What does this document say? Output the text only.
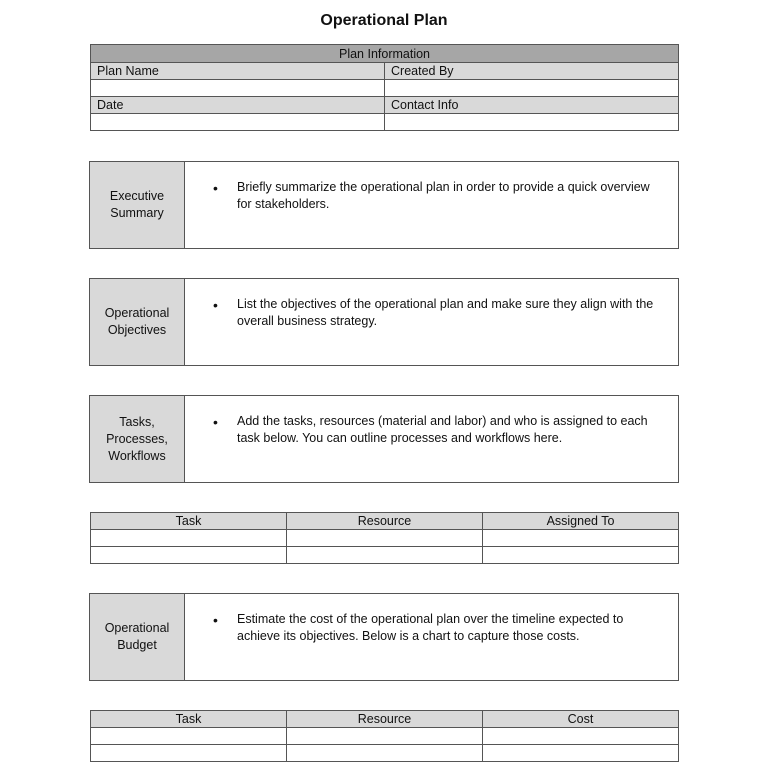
Operational Plan
Plan Information	
Plan Name	Created By

Date	Contact Info

Executive
Summary
• Briefly summarize the operational plan in order to provide a quick overview for stakeholders.
Operational
Objectives
• List the objectives of the operational plan and make sure they align with the overall business strategy.
Tasks,
Processes,
Workflows
• Add the tasks, resources (material and labor) and who is assigned to each task below. You can outline processes and workflows here.
Task	Resource	Assigned To

Operational
Budget
• Estimate the cost of the operational plan over the timeline expected to achieve its objectives. Below is a chart to capture those costs.
Task	Resource	Cost
